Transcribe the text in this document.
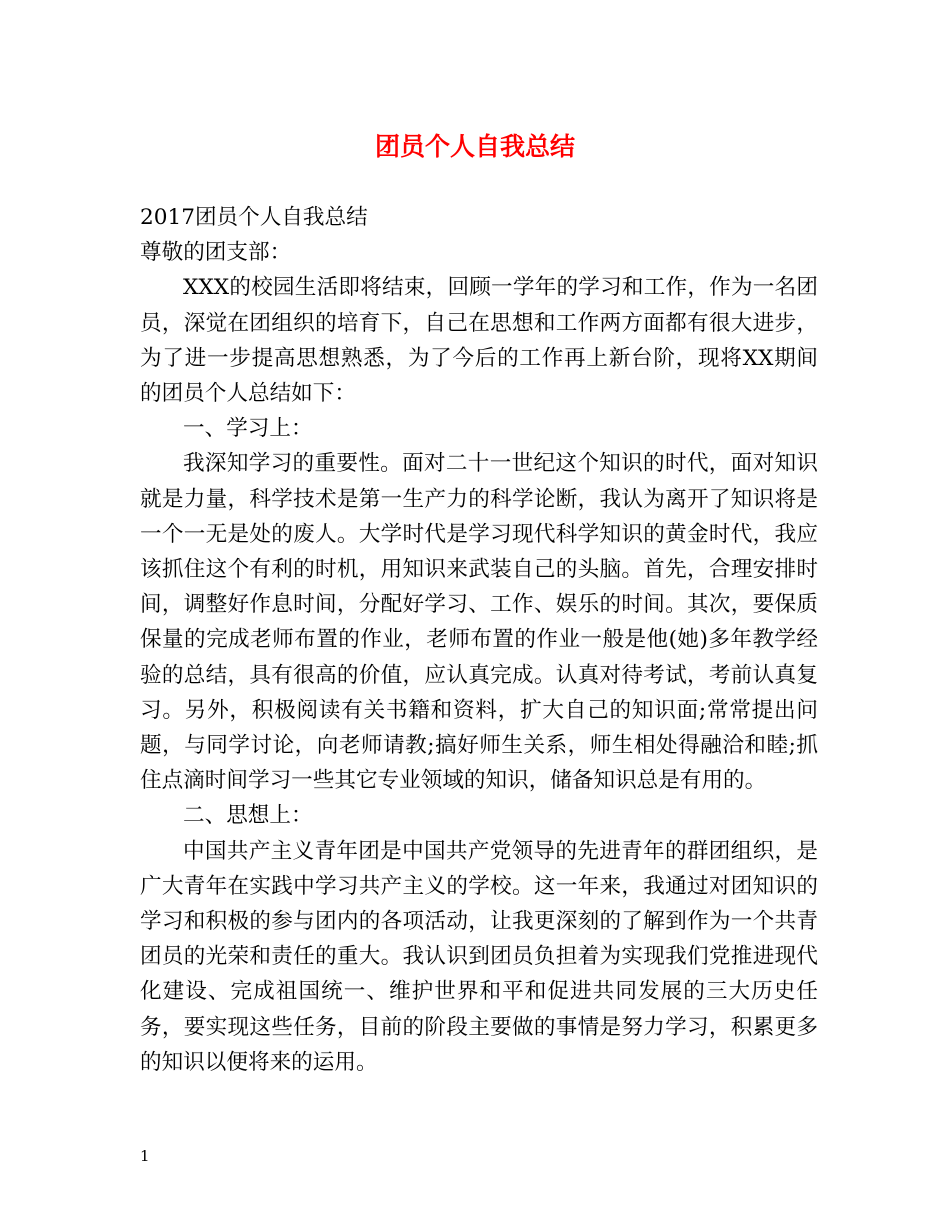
团员个人自我总结
2017团员个人自我总结
尊敬的团支部：
XXX的校园生活即将结束，回顾一学年的学习和工作，作为一名团员，深觉在团组织的培育下，自己在思想和工作两方面都有很大进步，为了进一步提高思想熟悉，为了今后的工作再上新台阶，现将XX期间的团员个人总结如下：
一、学习上：
我深知学习的重要性。面对二十一世纪这个知识的时代，面对知识就是力量，科学技术是第一生产力的科学论断，我认为离开了知识将是一个一无是处的废人。大学时代是学习现代科学知识的黄金时代，我应该抓住这个有利的时机，用知识来武装自己的头脑。首先，合理安排时间，调整好作息时间，分配好学习、工作、娱乐的时间。其次，要保质保量的完成老师布置的作业，老师布置的作业一般是他(她)多年教学经验的总结，具有很高的价值，应认真完成。认真对待考试，考前认真复习。另外，积极阅读有关书籍和资料，扩大自己的知识面;常常提出问题，与同学讨论，向老师请教;搞好师生关系，师生相处得融洽和睦;抓住点滴时间学习一些其它专业领域的知识，储备知识总是有用的。
二、思想上：
中国共产主义青年团是中国共产党领导的先进青年的群团组织，是广大青年在实践中学习共产主义的学校。这一年来，我通过对团知识的学习和积极的参与团内的各项活动，让我更深刻的了解到作为一个共青团员的光荣和责任的重大。我认识到团员负担着为实现我们党推进现代化建设、完成祖国统一、维护世界和平和促进共同发展的三大历史任务，要实现这些任务，目前的阶段主要做的事情是努力学习，积累更多的知识以便将来的运用。
1
